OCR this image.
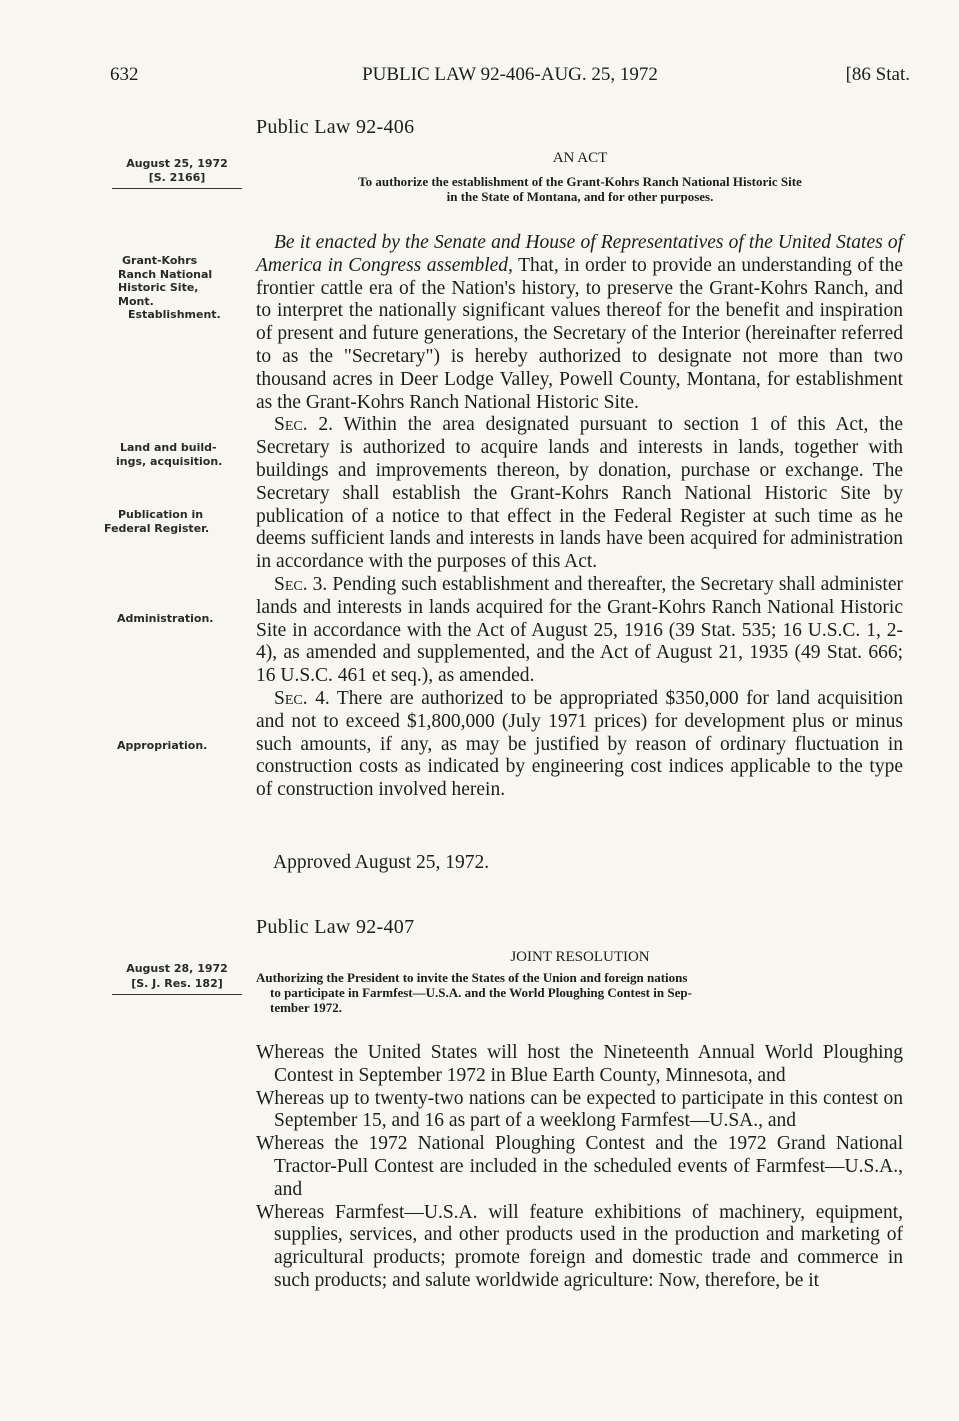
632	PUBLIC LAW 92-406-AUG. 25, 1972	[86 Stat.
Public Law 92-406
AN ACT
To authorize the establishment of the Grant-Kohrs Ranch National Historic Site
in the State of Montana, and for other purposes.
August 25, 1972
[S. 2166]
Grant-Kohrs
Ranch National
Historic Site,
Mont.
Establishment.
Land and build-
ings, acquisition.
Publication in
Federal Register.
Administration.
Appropriation.

Be it enacted by the Senate and House of Representatives of the United States of America in Congress assembled, That, in order to provide an understanding of the frontier cattle era of the Nation's history, to preserve the Grant-Kohrs Ranch, and to interpret the nationally significant values thereof for the benefit and inspiration of present and future generations, the Secretary of the Interior (hereinafter referred to as the "Secretary") is hereby authorized to designate not more than two thousand acres in Deer Lodge Valley, Powell County, Montana, for establishment as the Grant-Kohrs Ranch National Historic Site.

Sec. 2. Within the area designated pursuant to section 1 of this Act, the Secretary is authorized to acquire lands and interests in lands, together with buildings and improvements thereon, by donation, purchase or exchange. The Secretary shall establish the Grant-Kohrs Ranch National Historic Site by publication of a notice to that effect in the Federal Register at such time as he deems sufficient lands and interests in lands have been acquired for administration in accordance with the purposes of this Act.

Sec. 3. Pending such establishment and thereafter, the Secretary shall administer lands and interests in lands acquired for the Grant-Kohrs Ranch National Historic Site in accordance with the Act of August 25, 1916 (39 Stat. 535; 16 U.S.C. 1, 2-4), as amended and supplemented, and the Act of August 21, 1935 (49 Stat. 666; 16 U.S.C. 461 et seq.), as amended.

Sec. 4. There are authorized to be appropriated $350,000 for land acquisition and not to exceed $1,800,000 (July 1971 prices) for development plus or minus such amounts, if any, as may be justified by reason of ordinary fluctuation in construction costs as indicated by engineering cost indices applicable to the type of construction involved herein.

Approved August 25, 1972.
Public Law 92-407
JOINT RESOLUTION
Authorizing the President to invite the States of the Union and foreign nations
to participate in Farmfest—U.S.A. and the World Ploughing Contest in Sep-
tember 1972.
August 28, 1972
[S. J. Res. 182]

Whereas the United States will host the Nineteenth Annual World Ploughing Contest in September 1972 in Blue Earth County, Minnesota, and

Whereas up to twenty-two nations can be expected to participate in this contest on September 15, and 16 as part of a weeklong Farmfest—U.SA., and

Whereas the 1972 National Ploughing Contest and the 1972 Grand National Tractor-Pull Contest are included in the scheduled events of Farmfest—U.S.A., and

Whereas Farmfest—U.S.A. will feature exhibitions of machinery, equipment, supplies, services, and other products used in the production and marketing of agricultural products; promote foreign and domestic trade and commerce in such products; and salute worldwide agriculture: Now, therefore, be it
